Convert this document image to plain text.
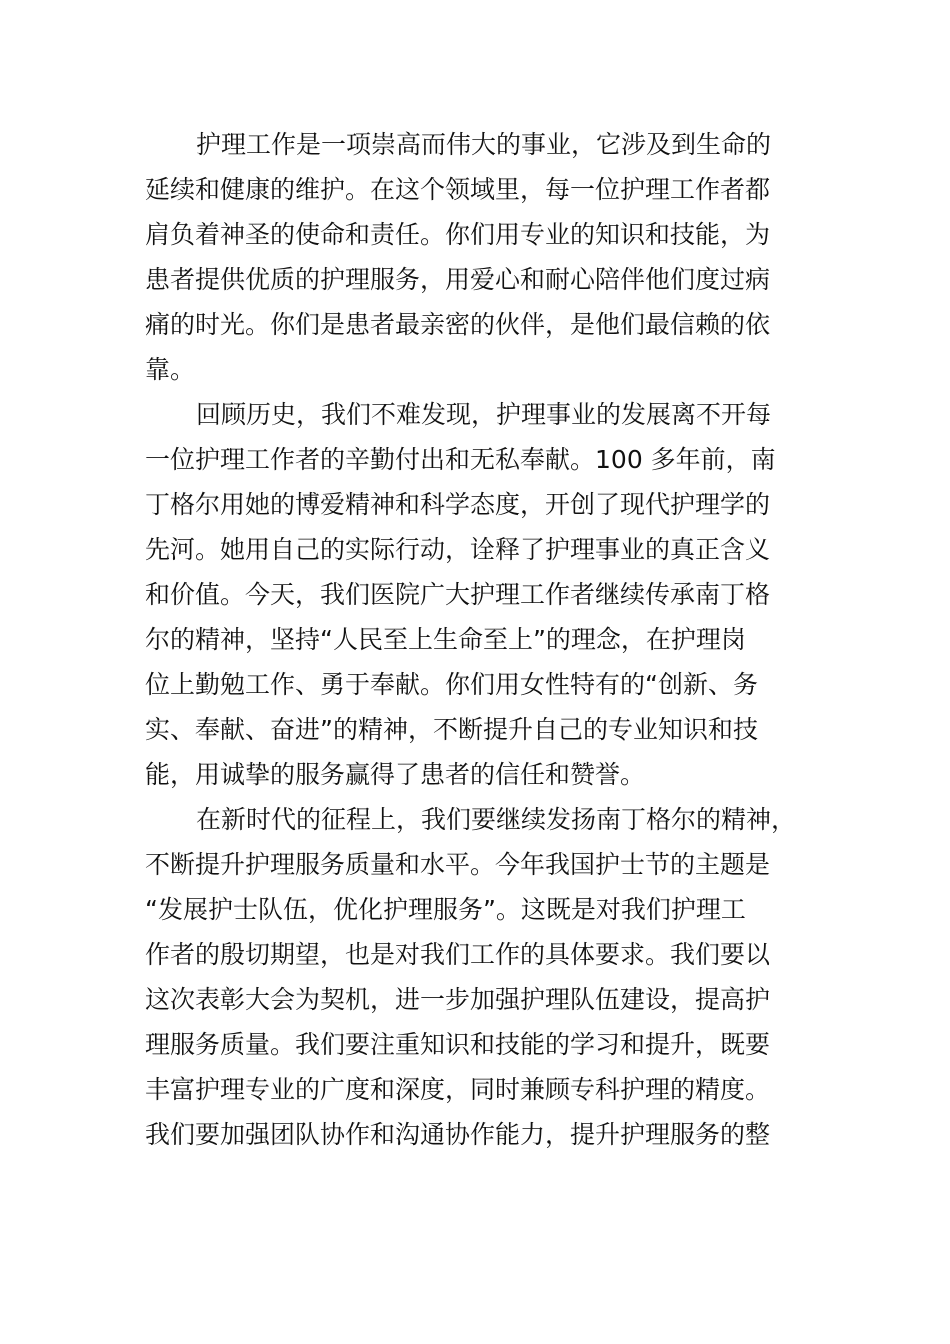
护理工作是一项崇高而伟大的事业，它涉及到生命的
延续和健康的维护。在这个领域里，每一位护理工作者都
肩负着神圣的使命和责任。你们用专业的知识和技能，为
患者提供优质的护理服务，用爱心和耐心陪伴他们度过病
痛的时光。你们是患者最亲密的伙伴，是他们最信赖的依
靠。
回顾历史，我们不难发现，护理事业的发展离不开每
一位护理工作者的辛勤付出和无私奉献。100 多年前，南
丁格尔用她的博爱精神和科学态度，开创了现代护理学的
先河。她用自己的实际行动，诠释了护理事业的真正含义
和价值。今天，我们医院广大护理工作者继续传承南丁格
尔的精神，坚持“人民至上生命至上”的理念，在护理岗
位上勤勉工作、勇于奉献。你们用女性特有的“创新、务
实、奉献、奋进”的精神，不断提升自己的专业知识和技
能，用诚挚的服务赢得了患者的信任和赞誉。
在新时代的征程上，我们要继续发扬南丁格尔的精神，
不断提升护理服务质量和水平。今年我国护士节的主题是
“发展护士队伍，优化护理服务”。这既是对我们护理工
作者的殷切期望，也是对我们工作的具体要求。我们要以
这次表彰大会为契机，进一步加强护理队伍建设，提高护
理服务质量。我们要注重知识和技能的学习和提升，既要
丰富护理专业的广度和深度，同时兼顾专科护理的精度。
我们要加强团队协作和沟通协作能力，提升护理服务的整
